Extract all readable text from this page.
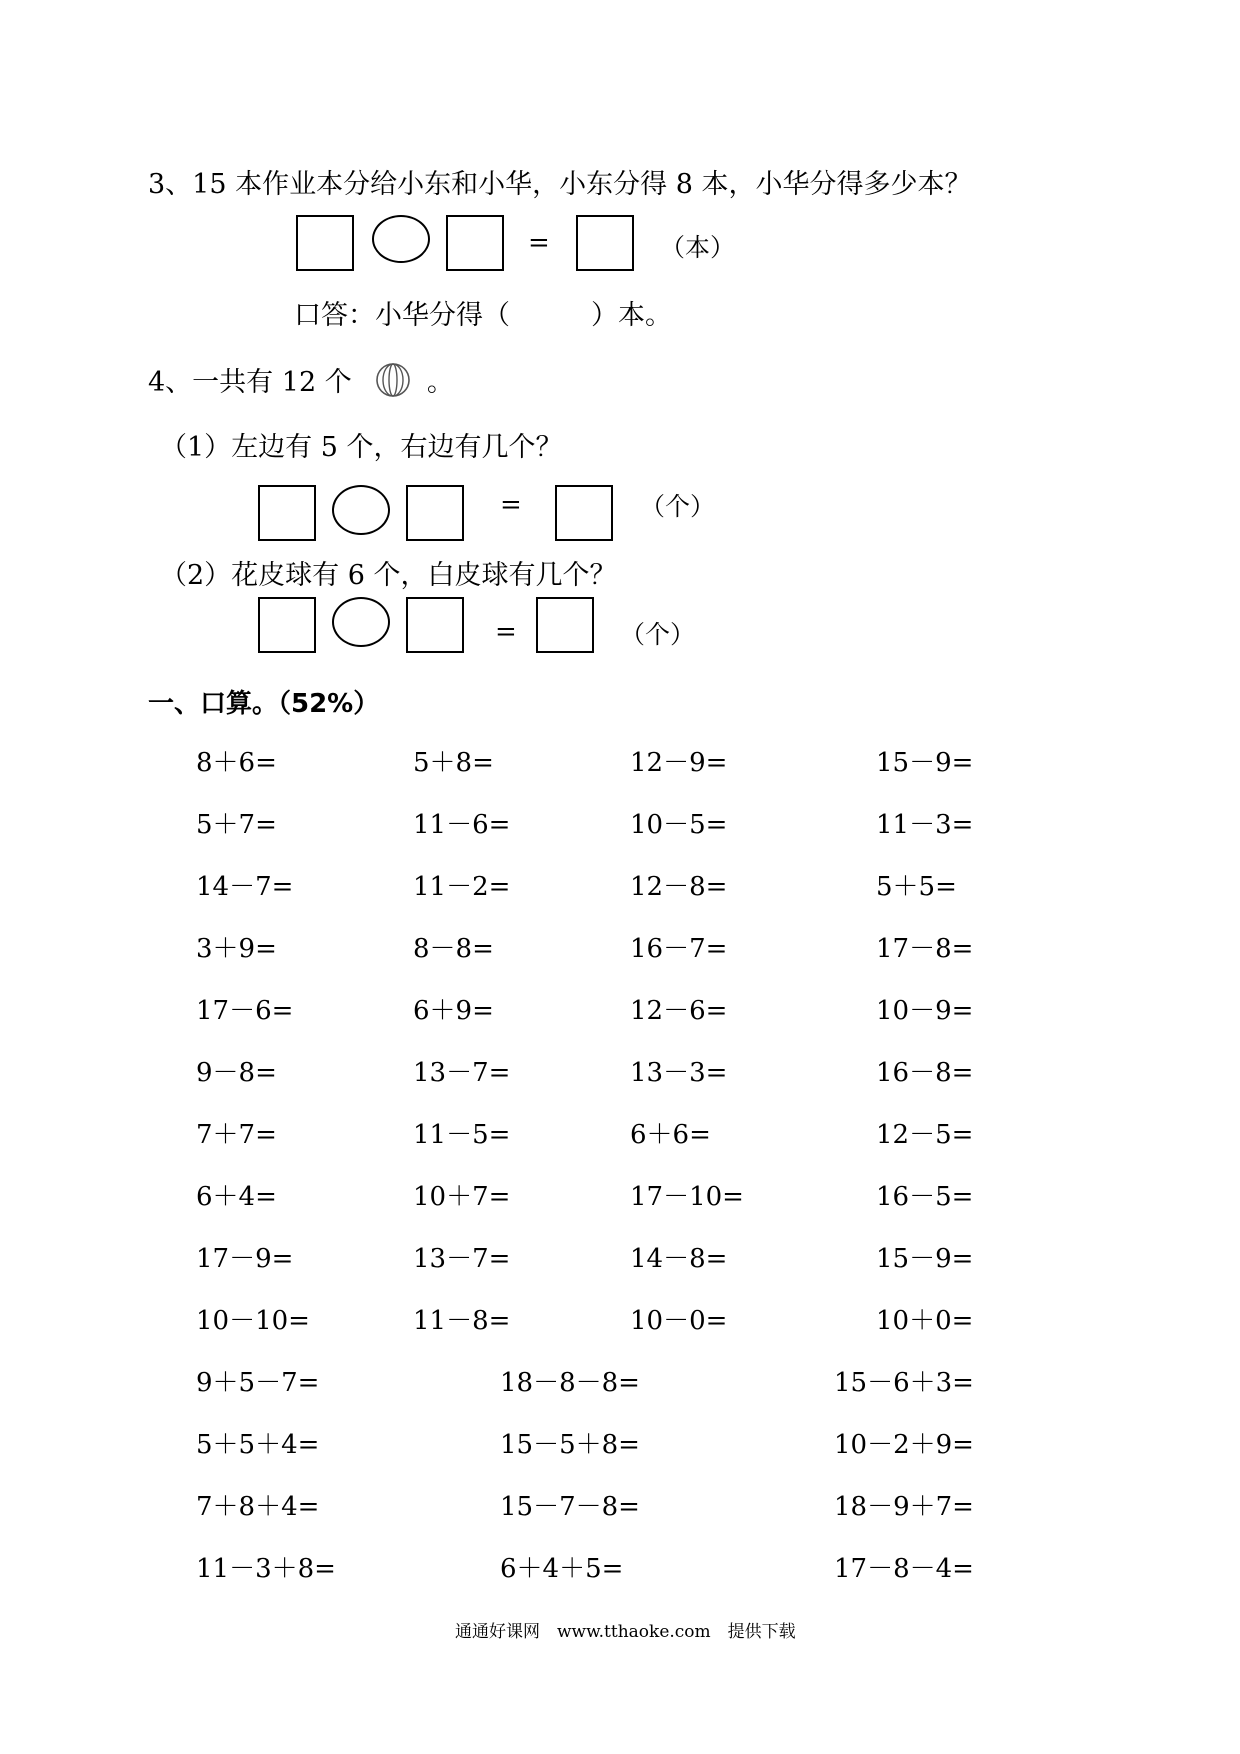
3、15 本作业本分给小东和小华，小东分得 8 本，小华分得多少本？
=	（本）
口答：小华分得（　　　）本。
4、一共有 12 个	。
（1）左边有 5 个，右边有几个？
=	（个）
（2）花皮球有 6 个，白皮球有几个？
=	（个）
一、口算。（52%）
8＋6=	5＋8=	12－9=	15－9=
5＋7=	11－6=	10－5=	11－3=
14－7=	11－2=	12－8=	5＋5=
3＋9=	8－8=	16－7=	17－8=
17－6=	6＋9=	12－6=	10－9=
9－8=	13－7=	13－3=	16－8=
7＋7=	11－5=	6＋6=	12－5=
6＋4=	10＋7=	17－10=	16－5=
17－9=	13－7=	14－8=	15－9=
10－10=	11－8=	10－0=	10＋0=
9＋5－7=	18－8－8=	15－6＋3=
5＋5＋4=	15－5＋8=	10－2＋9=
7＋8＋4=	15－7－8=	18－9＋7=
11－3＋8=	6＋4＋5=	17－8－4=
通通好课网　www.tthaoke.com　提供下载
